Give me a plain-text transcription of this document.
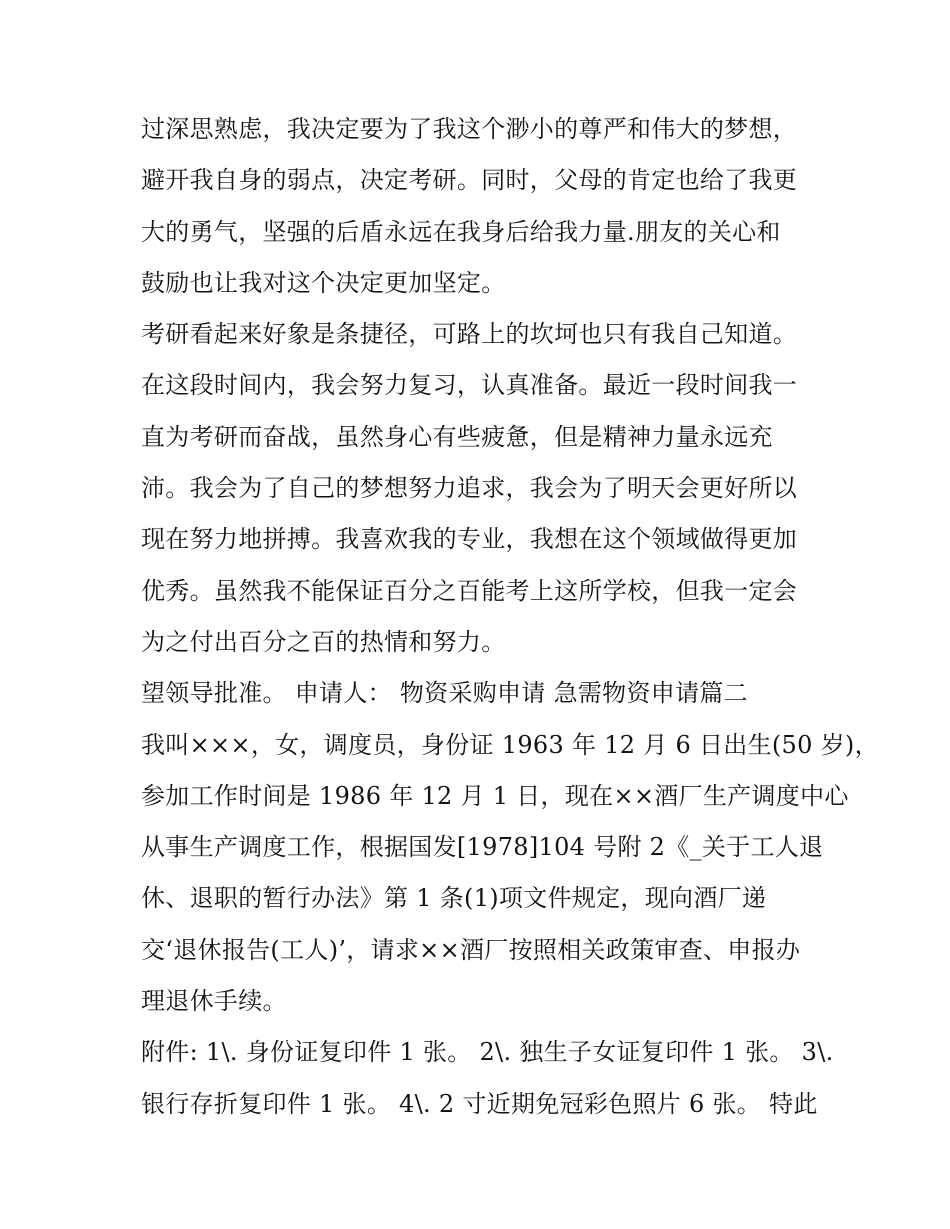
过深思熟虑，我决定要为了我这个渺小的尊严和伟大的梦想，
避开我自身的弱点，决定考研。同时，父母的肯定也给了我更
大的勇气，坚强的后盾永远在我身后给我力量.朋友的关心和
鼓励也让我对这个决定更加坚定。
考研看起来好象是条捷径，可路上的坎坷也只有我自己知道。
在这段时间内，我会努力复习，认真准备。最近一段时间我一
直为考研而奋战，虽然身心有些疲惫，但是精神力量永远充
沛。我会为了自己的梦想努力追求，我会为了明天会更好所以
现在努力地拼搏。我喜欢我的专业，我想在这个领域做得更加
优秀。虽然我不能保证百分之百能考上这所学校，但我一定会
为之付出百分之百的热情和努力。
望领导批准。 申请人： 物资采购申请 急需物资申请篇二
我叫×××，女，调度员，身份证 1963 年 12 月 6 日出生(50 岁)，
参加工作时间是 1986 年 12 月 1 日，现在××酒厂生产调度中心
从事生产调度工作，根据国发[1978]104 号附 2《_关于工人退
休、退职的暂行办法》第 1 条(1)项文件规定，现向酒厂递
交‘退休报告(工人)’，请求××酒厂按照相关政策审查、申报办
理退休手续。
附件: 1\. 身份证复印件 1 张。 2\. 独生子女证复印件 1 张。 3\.
银行存折复印件 1 张。 4\. 2 寸近期免冠彩色照片 6 张。 特此
